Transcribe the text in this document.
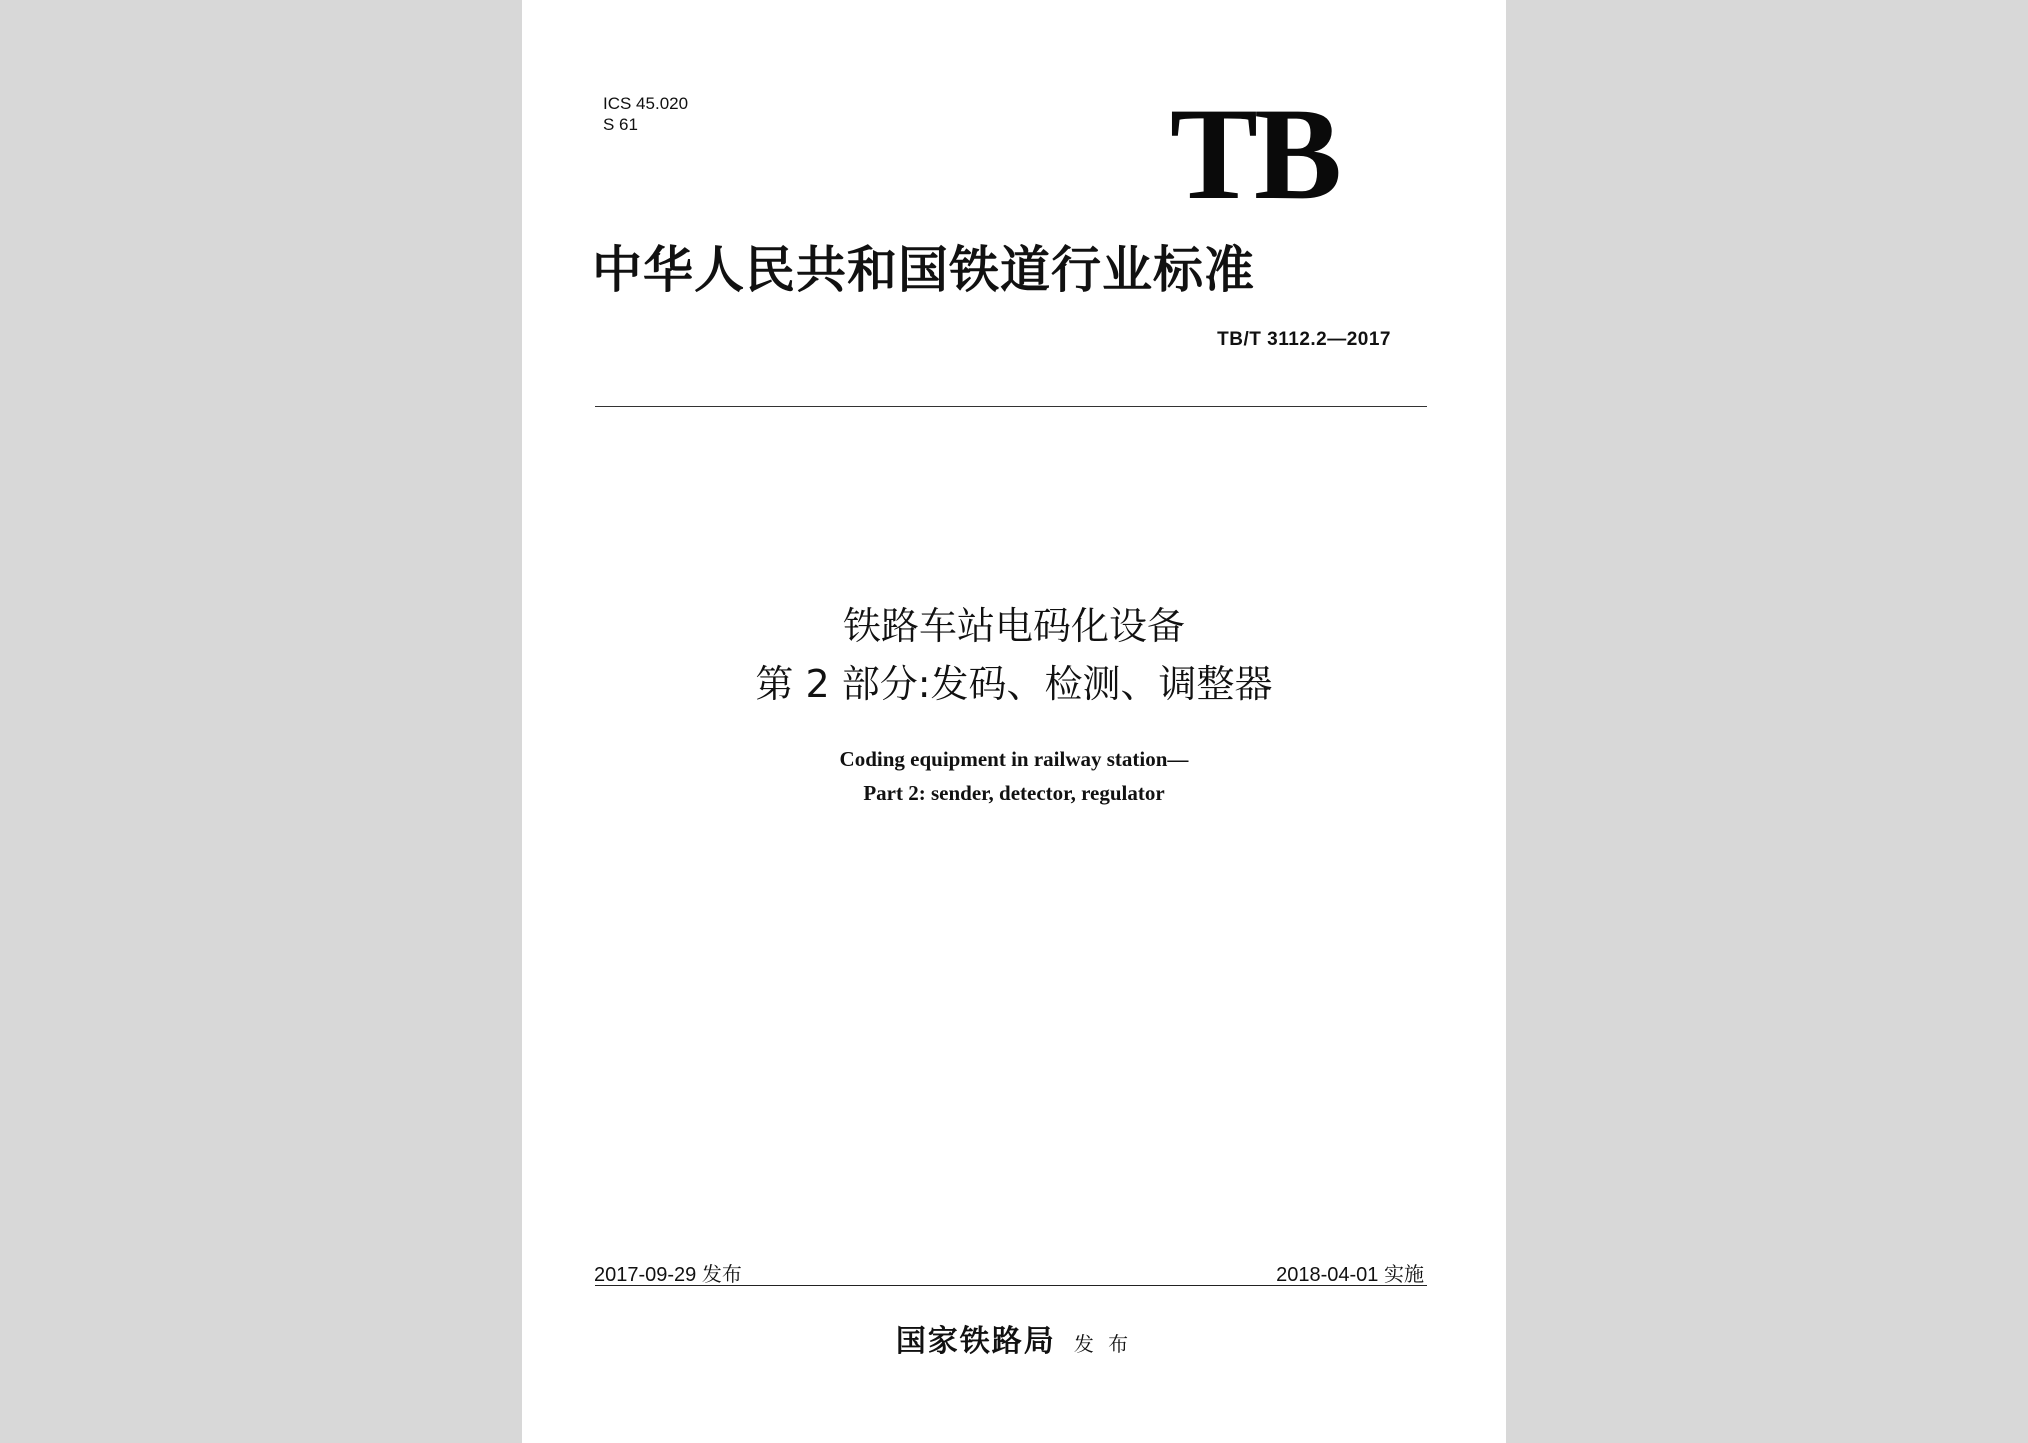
ICS 45.020
S 61	TB
中华人民共和国铁道行业标准
TB/T 3112.2—2017
铁路车站电码化设备
第 2 部分:发码、检测、调整器
Coding equipment in railway station—
Part 2: sender, detector, regulator
2017-09-29 发布	2018-04-01 实施
国家铁路局 发 布
